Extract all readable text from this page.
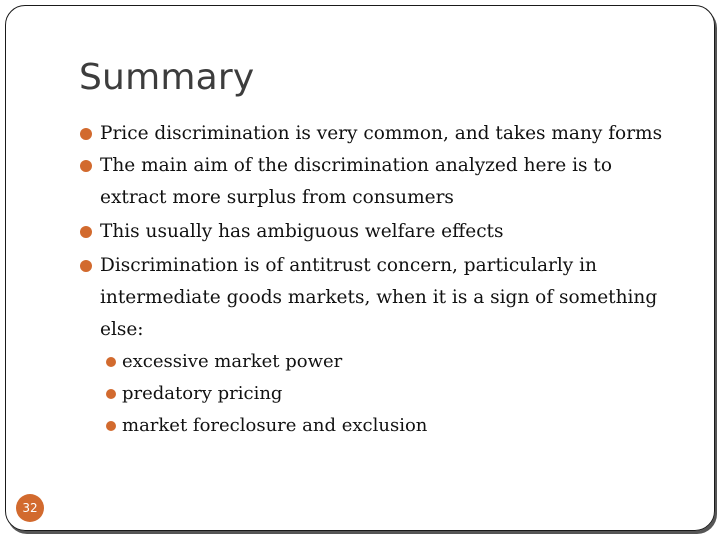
Summary
Price discrimination is very common, and takes many forms
The main aim of the discrimination analyzed here is to extract more surplus from consumers
This usually has ambiguous welfare effects
Discrimination is of antitrust concern, particularly in intermediate goods markets, when it is a sign of something else:
excessive market power
predatory pricing
market foreclosure and exclusion
32
